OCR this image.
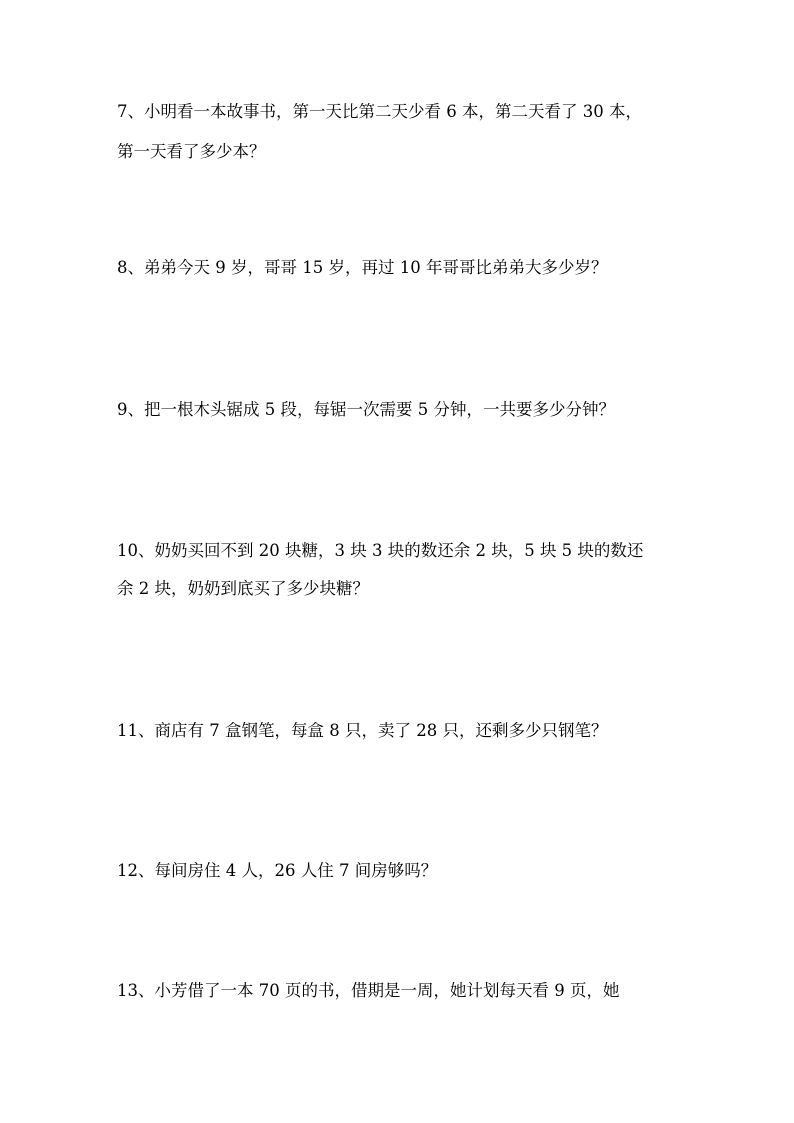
7、小明看一本故事书，第一天比第二天少看 6 本，第二天看了 30 本，
第一天看了多少本？
8、弟弟今天 9 岁，哥哥 15 岁，再过 10 年哥哥比弟弟大多少岁？
9、把一根木头锯成 5 段，每锯一次需要 5 分钟，一共要多少分钟？
10、奶奶买回不到 20 块糖，3 块 3 块的数还余 2 块，5 块 5 块的数还
余 2 块，奶奶到底买了多少块糖？
11、商店有 7 盒钢笔，每盒 8 只，卖了 28 只，还剩多少只钢笔？
12、每间房住 4 人，26 人住 7 间房够吗？
13、小芳借了一本 70 页的书，借期是一周，她计划每天看 9 页，她
